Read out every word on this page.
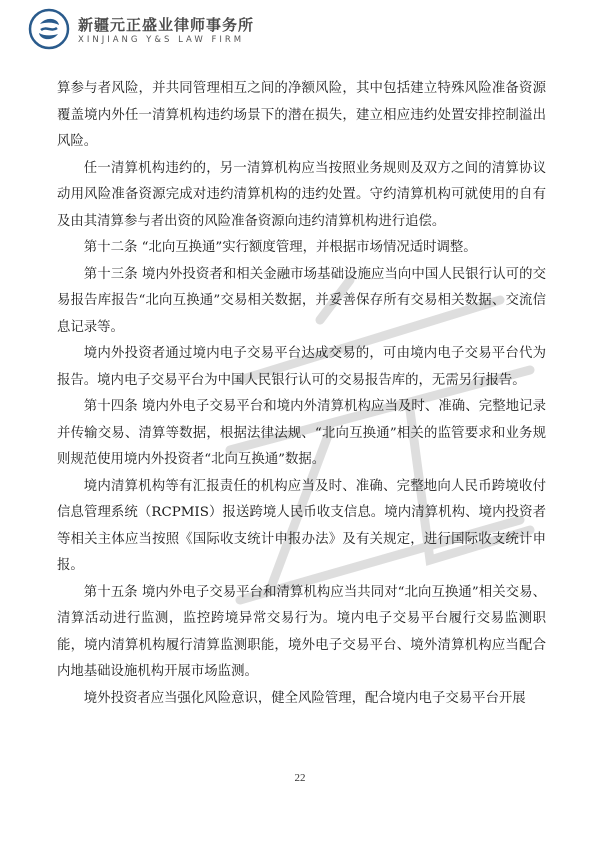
新疆元正盛业律师事务所
XINJIANG Y&S LAW FIRM

算参与者风险，并共同管理相互之间的净额风险，其中包括建立特殊风险准备资源覆盖境内外任一清算机构违约场景下的潜在损失，建立相应违约处置安排控制溢出风险。

任一清算机构违约的，另一清算机构应当按照业务规则及双方之间的清算协议动用风险准备资源完成对违约清算机构的违约处置。守约清算机构可就使用的自有及由其清算参与者出资的风险准备资源向违约清算机构进行追偿。

第十二条 “北向互换通”实行额度管理，并根据市场情况适时调整。

第十三条 境内外投资者和相关金融市场基础设施应当向中国人民银行认可的交易报告库报告“北向互换通”交易相关数据，并妥善保存所有交易相关数据、交流信息记录等。

境内外投资者通过境内电子交易平台达成交易的，可由境内电子交易平台代为报告。境内电子交易平台为中国人民银行认可的交易报告库的，无需另行报告。

第十四条 境内外电子交易平台和境内外清算机构应当及时、准确、完整地记录并传输交易、清算等数据，根据法律法规、“北向互换通”相关的监管要求和业务规则规范使用境内外投资者“北向互换通”数据。

境内清算机构等有汇报责任的机构应当及时、准确、完整地向人民币跨境收付信息管理系统（RCPMIS）报送跨境人民币收支信息。境内清算机构、境内投资者等相关主体应当按照《国际收支统计申报办法》及有关规定，进行国际收支统计申报。

第十五条 境内外电子交易平台和清算机构应当共同对“北向互换通”相关交易、清算活动进行监测，监控跨境异常交易行为。境内电子交易平台履行交易监测职能，境内清算机构履行清算监测职能，境外电子交易平台、境外清算机构应当配合内地基础设施机构开展市场监测。

境外投资者应当强化风险意识，健全风险管理，配合境内电子交易平台开展

22
